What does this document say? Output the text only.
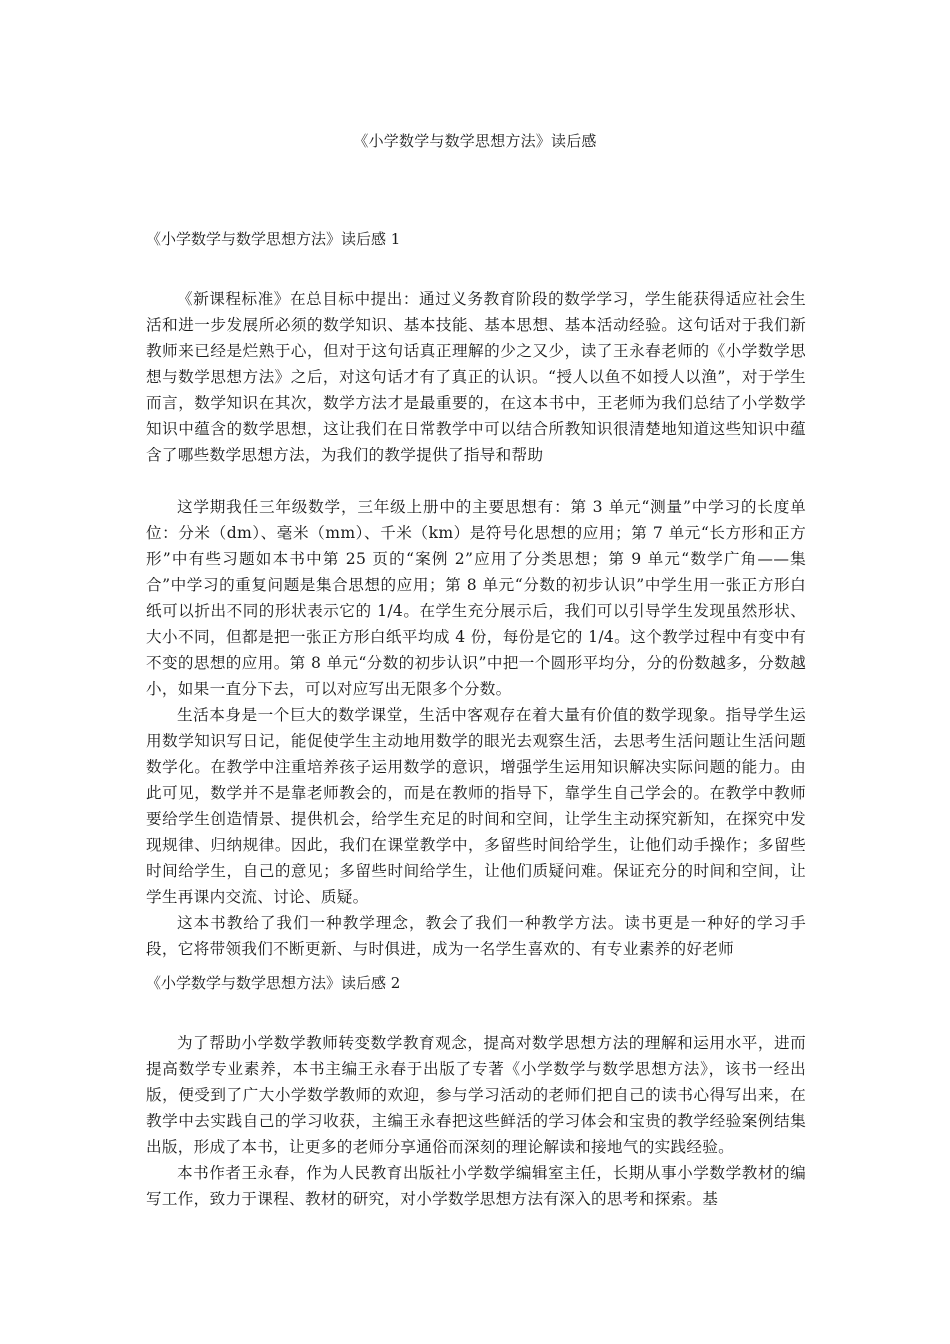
《小学数学与数学思想方法》读后感
《小学数学与数学思想方法》读后感 1

《新课程标准》在总目标中提出：通过义务教育阶段的数学学习，学生能获得适应社会生活和进一步发展所必须的数学知识、基本技能、基本思想、基本活动经验。这句话对于我们新教师来已经是烂熟于心，但对于这句话真正理解的少之又少，读了王永春老师的《小学数学思想与数学思想方法》之后，对这句话才有了真正的认识。“授人以鱼不如授人以渔”，对于学生而言，数学知识在其次，数学方法才是最重要的，在这本书中，王老师为我们总结了小学数学知识中蕴含的数学思想，这让我们在日常教学中可以结合所教知识很清楚地知道这些知识中蕴含了哪些数学思想方法，为我们的教学提供了指导和帮助

这学期我任三年级数学，三年级上册中的主要思想有：第 3 单元“测量”中学习的长度单位：分米（dm）、毫米（mm）、千米（km）是符号化思想的应用；第 7 单元“长方形和正方形”中有些习题如本书中第 25 页的“案例 2”应用了分类思想；第 9 单元“数学广角——集合”中学习的重复问题是集合思想的应用；第 8 单元“分数的初步认识”中学生用一张正方形白纸可以折出不同的形状表示它的 1/4。在学生充分展示后，我们可以引导学生发现虽然形状、大小不同，但都是把一张正方形白纸平均成 4 份，每份是它的 1/4。这个教学过程中有变中有不变的思想的应用。第 8 单元“分数的初步认识”中把一个圆形平均分，分的份数越多，分数越小，如果一直分下去，可以对应写出无限多个分数。

生活本身是一个巨大的数学课堂，生活中客观存在着大量有价值的数学现象。指导学生运用数学知识写日记，能促使学生主动地用数学的眼光去观察生活，去思考生活问题让生活问题数学化。在教学中注重培养孩子运用数学的意识，增强学生运用知识解决实际问题的能力。由此可见，数学并不是靠老师教会的，而是在教师的指导下，靠学生自己学会的。在教学中教师要给学生创造情景、提供机会，给学生充足的时间和空间，让学生主动探究新知，在探究中发现规律、归纳规律。因此，我们在课堂教学中，多留些时间给学生，让他们动手操作；多留些时间给学生，自己的意见；多留些时间给学生，让他们质疑问难。保证充分的时间和空间，让学生再课内交流、讨论、质疑。

这本书教给了我们一种教学理念，教会了我们一种教学方法。读书更是一种好的学习手段，它将带领我们不断更新、与时俱进，成为一名学生喜欢的、有专业素养的好老师

《小学数学与数学思想方法》读后感 2

为了帮助小学数学教师转变数学教育观念，提高对数学思想方法的理解和运用水平，进而提高数学专业素养，本书主编王永春于出版了专著《小学数学与数学思想方法》，该书一经出版，便受到了广大小学数学教师的欢迎，参与学习活动的老师们把自己的读书心得写出来，在教学中去实践自己的学习收获，主编王永春把这些鲜活的学习体会和宝贵的教学经验案例结集出版，形成了本书，让更多的老师分享通俗而深刻的理论解读和接地气的实践经验。

本书作者王永春，作为人民教育出版社小学数学编辑室主任，长期从事小学数学教材的编写工作，致力于课程、教材的研究，对小学数学思想方法有深入的思考和探索。基
